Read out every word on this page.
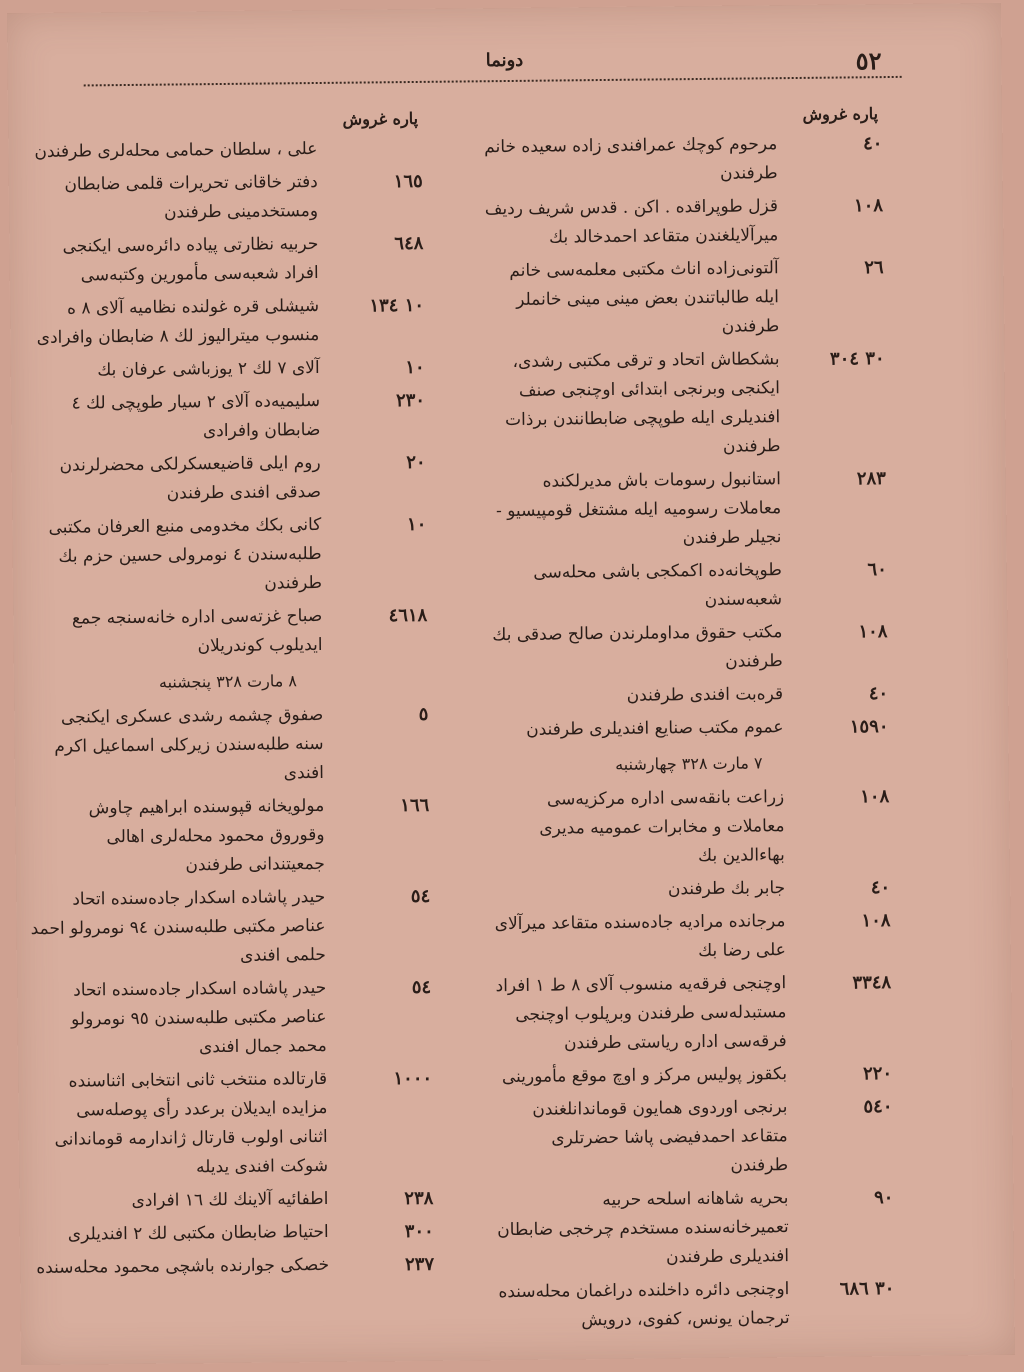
٥٢
دونما
پاره غروش
٤٠
مرحوم كوچك عمرافندى زاده سعيده خانم طرفندن
١٠٨
قزل طوپراقده . اكن . قدس شريف رديف ميرآلايلغندن متقاعد احمدخالد بك
٢٦
آلتونى‌زاده اناث مكتبى معلمه‌سى خانم ايله طالباتندن بعض مينى مينى خانملر طرفندن
٣٠ ٣٠٤
بشكطاش اتحاد و ترقى مكتبى رشدى، ايكنجى وبرنجى ابتدائى اوچنجى صنف افنديلرى ايله طوپچى ضابطانندن برذات طرفندن
٢٨٣
استانبول رسومات باش مديرلكنده معاملات رسوميه ايله مشتغل قومپيسيو - نجيلر طرفندن
٦٠
طوپخانه‌ده اكمكجى باشى محله‌سى شعبه‌سندن
١٠٨
مكتب حقوق مداوملرندن صالح صدقى بك طرفندن
٤٠
قره‌بت افندى طرفندن
١٥٩٠
عموم مكتب صنايع افنديلرى طرفندن
٧ مارت ٣٢٨ چهارشنبه
١٠٨
زراعت بانقه‌سى اداره مركزيه‌سى معاملات و مخابرات عموميه مديرى بهاءالدين بك
٤٠
جابر بك طرفندن
١٠٨
مرجانده مراديه جاده‌سنده متقاعد ميرآلاى على رضا بك
٣٣٤٨
اوچنجى فرقه‌يه منسوب آلاى ٨ ط ١ افراد مستبدله‌سى طرفندن وبرپلوب اوچنجى فرقه‌سى اداره رياستى طرفندن
٢٢٠
بكقوز پوليس مركز و اوچ موقع مأمورينى
٥٤٠
برنجى اوردوى همايون قوماندانلغندن متقاعد احمدفيضى پاشا حضرتلرى طرفندن
٩٠
بحريه شاهانه اسلحه حربيه تعميرخانه‌سنده مستخدم چرخجى ضابطان افنديلرى طرفندن
٣٠ ٦٨٦
اوچنجى دائره داخلنده دراغمان محله‌سنده ترجمان يونس، كفوى، درويش
پاره غروش
على ، سلطان حمامى محله‌لرى طرفندن
١٦٥
دفتر خاقانى تحريرات قلمى ضابطان ومستخدمينى طرفندن
٦٤٨
حربيه نظارتى پياده دائره‌سى ايكنجى افراد شعبه‌سى مأمورين وكتبه‌سى
١٠ ١٣٤
شيشلى قره غولنده نظاميه آلاى ٨ ه منسوب ميتراليوز لك ٨ ضابطان وافرادى
١٠
آلاى ٧ لك ٢ يوزباشى عرفان بك
٢٣٠
سليميه‌ده آلاى ٢ سيار طوپچى لك ٤ ضابطان وافرادى
٢٠
روم ايلى قاضيعسكرلكى محضرلرندن صدقى افندى طرفندن
١٠
كانى بكك مخدومى منبع العرفان مكتبى طلبه‌سندن ٤ نومرولى حسين حزم بك طرفندن
٤٦١٨
صباح غزته‌سى اداره خانه‌سنجه جمع ايديلوب كوندريلان
٨ مارت ٣٢٨ پنجشنبه
٥
صفوق چشمه رشدى عسكرى ايكنجى سنه طلبه‌سندن زيركلى اسماعيل اكرم افندى
١٦٦
مولويخانه قپوسنده ابراهيم چاوش وقوروق محمود محله‌لرى اهالى جمعيتندانى طرفندن
٥٤
حيدر پاشاده اسكدار جاده‌سنده اتحاد عناصر مكتبى طلبه‌سندن ٩٤ نومرولو احمد حلمى افندى
٥٤
حيدر پاشاده اسكدار جاده‌سنده اتحاد عناصر مكتبى طلبه‌سندن ٩٥ نومرولو محمد جمال افندى
١٠٠٠
قارتالده منتخب ثانى انتخابى اثناسنده مزايده ايديلان برعدد رأى پوصله‌سى اثنانى اولوب قارتال ژاندارمه قوماندانى شوكت افندى يديله
٢٣٨
اطفائيه آلاينك لك ١٦ افرادى
٣٠٠
احتياط ضابطان مكتبى لك ٢ افنديلرى
٢٣٧
خصكى جوارنده باشچى محمود محله‌سنده
